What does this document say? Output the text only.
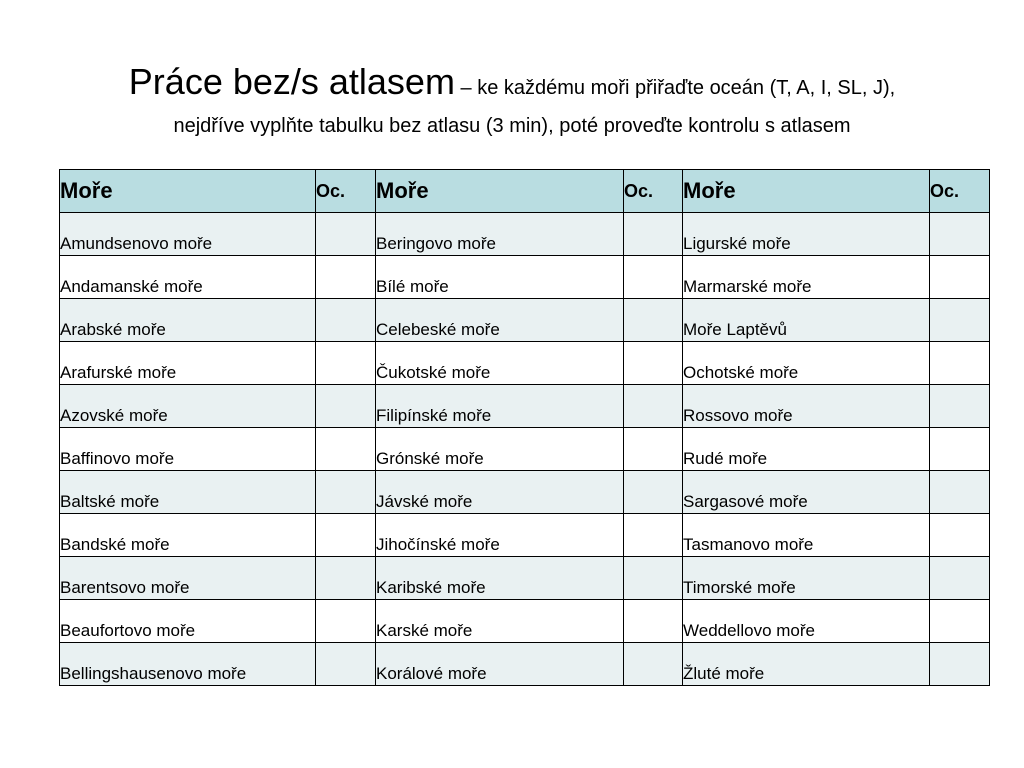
Práce bez/s atlasem – ke každému moři přiřaďte oceán (T, A, I, SL, J),
nejdříve vyplňte tabulku bez atlasu (3 min), poté proveďte kontrolu s atlasem
Moře	Oc.	Moře	Oc.	Moře	Oc.
Amundsenovo moře		Beringovo moře		Ligurské moře	
Andamanské moře		Bílé moře		Marmarské moře	
Arabské moře		Celebeské moře		Moře Laptěvů	
Arafurské moře		Čukotské moře		Ochotské moře	
Azovské moře		Filipínské moře		Rossovo moře	
Baffinovo moře		Grónské moře		Rudé moře	
Baltské moře		Jávské moře		Sargasové moře	
Bandské moře		Jihočínské moře		Tasmanovo moře	
Barentsovo moře		Karibské moře		Timorské moře	
Beaufortovo moře		Karské moře		Weddellovo moře	
Bellingshausenovo moře		Korálové moře		Žluté moře	
